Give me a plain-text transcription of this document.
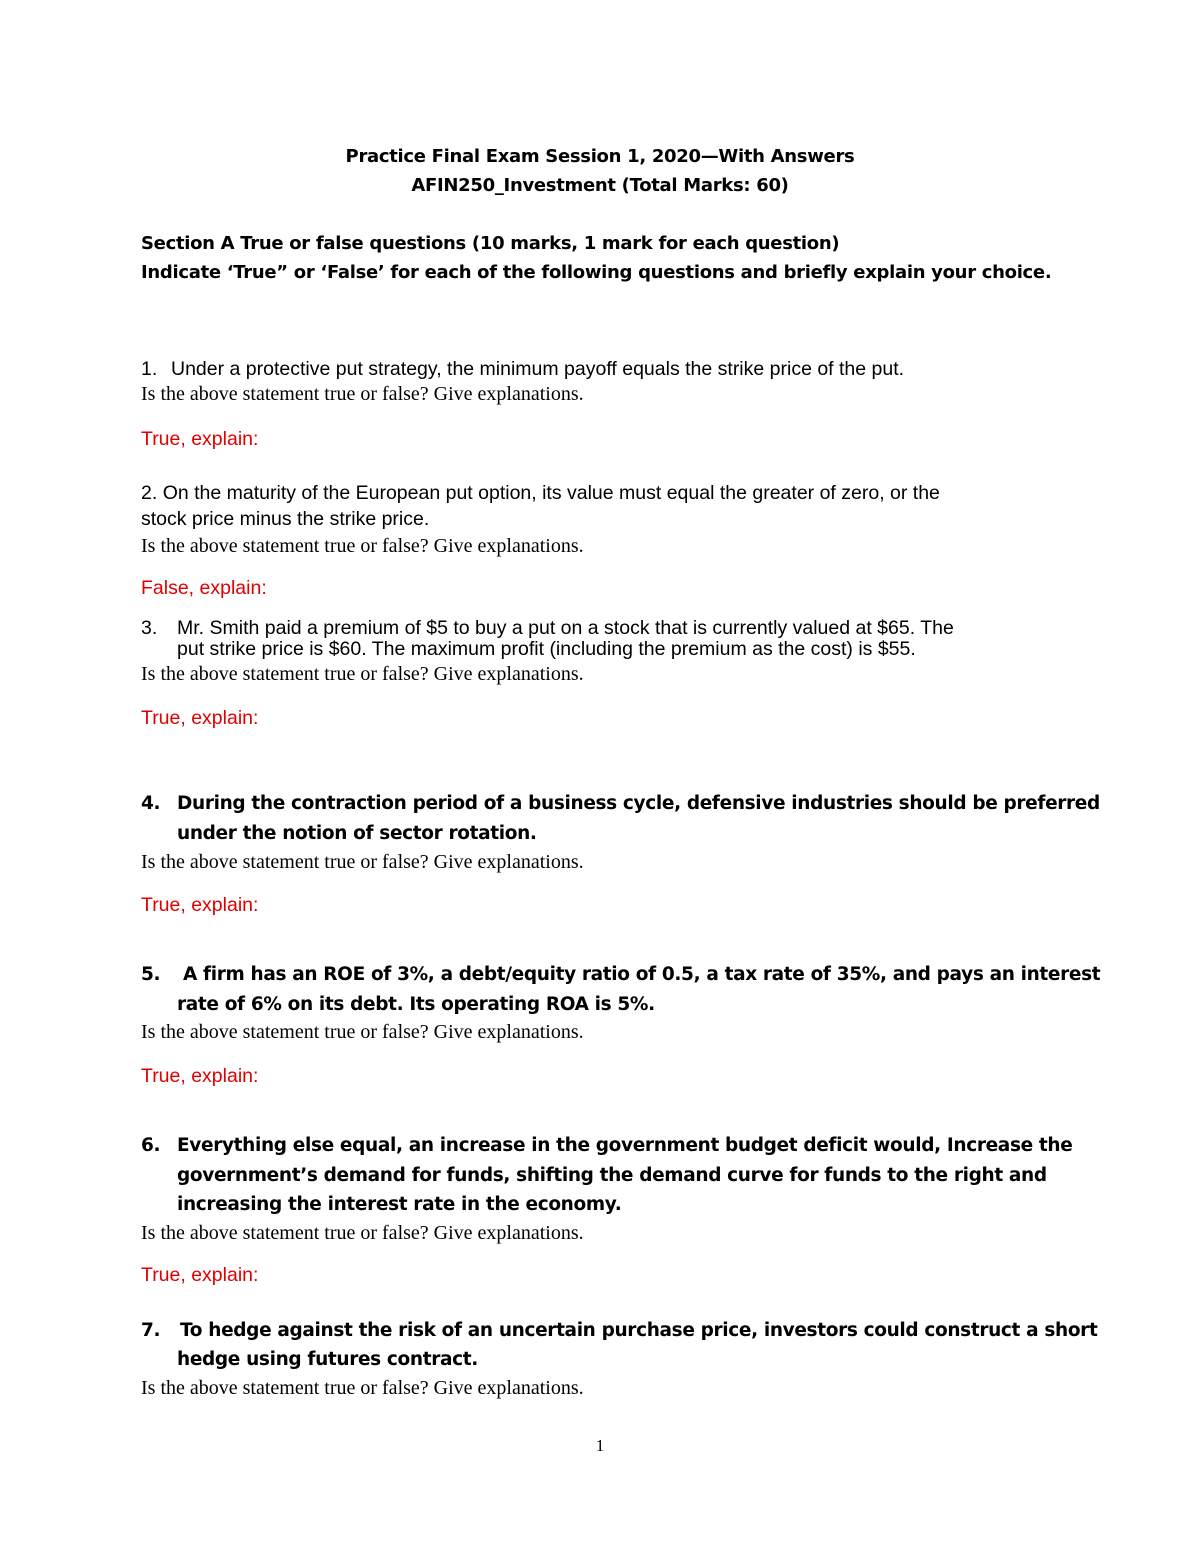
Practice Final Exam Session 1, 2020—With Answers
AFIN250_Investment (Total Marks: 60)
Section A True or false questions (10 marks, 1 mark for each question)
Indicate ‘True” or ‘False’ for each of the following questions and briefly explain your choice.
1. Under a protective put strategy, the minimum payoff equals the strike price of the put.
Is the above statement true or false? Give explanations.
True, explain:
2. On the maturity of the European put option, its value must equal the greater of zero, or the
stock price minus the strike price.
Is the above statement true or false? Give explanations.
False, explain:
3. Mr. Smith paid a premium of $5 to buy a put on a stock that is currently valued at $65. The
put strike price is $60. The maximum profit (including the premium as the cost) is $55.
Is the above statement true or false? Give explanations.
True, explain:
4. During the contraction period of a business cycle, defensive industries should be preferred
under the notion of sector rotation.
Is the above statement true or false? Give explanations.
True, explain:
5. A firm has an ROE of 3%, a debt/equity ratio of 0.5, a tax rate of 35%, and pays an interest
rate of 6% on its debt. Its operating ROA is 5%.
Is the above statement true or false? Give explanations.
True, explain:
6. Everything else equal, an increase in the government budget deficit would, Increase the
government’s demand for funds, shifting the demand curve for funds to the right and
increasing the interest rate in the economy.
Is the above statement true or false? Give explanations.
True, explain:
7. To hedge against the risk of an uncertain purchase price, investors could construct a short
hedge using futures contract.
Is the above statement true or false? Give explanations.
1
